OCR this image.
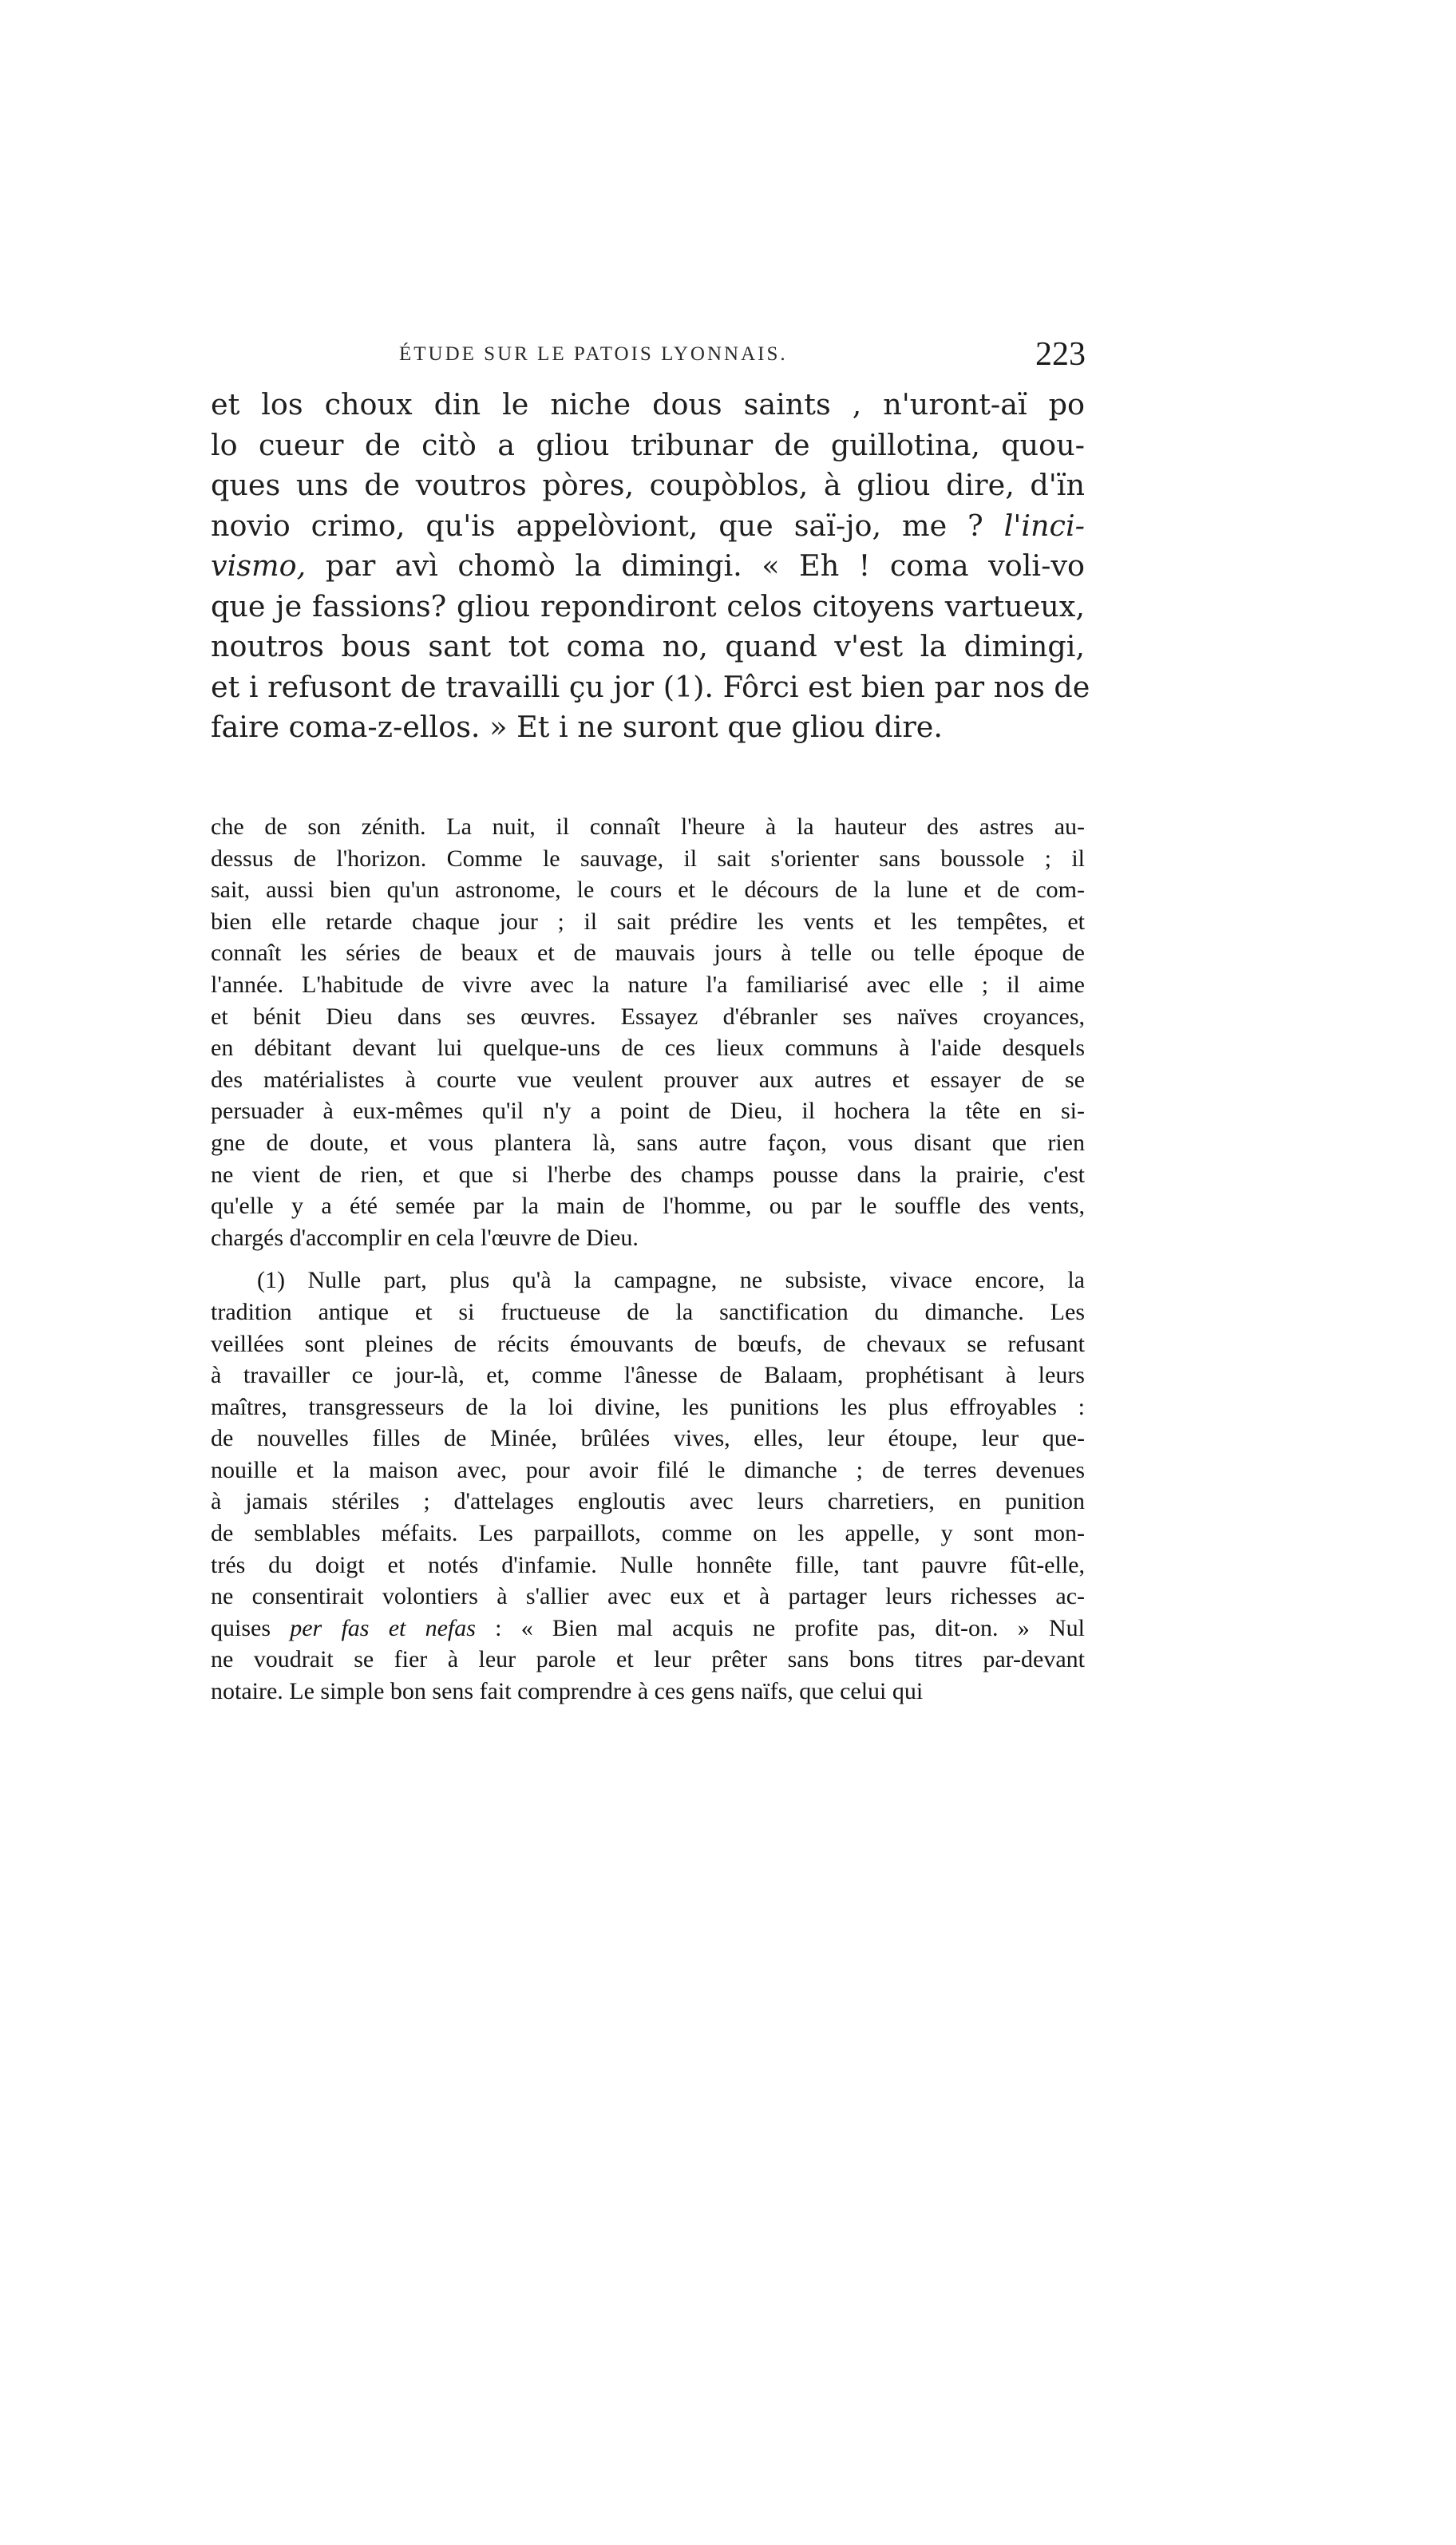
ÉTUDE SUR LE PATOIS LYONNAIS.	223
et los choux din le niche dous saints , n'uront-aï po
lo cueur de citò a gliou tribunar de guillotina, quou-
ques uns de voutros pòres, coupòblos, à gliou dire, d'ïn
novio crimo, qu'is appelòviont, que saï-jo, me ? l'inci-
vismo, par avì chomò la dimingi. « Eh ! coma voli-vo
que je fassions? gliou repondiront celos citoyens vartueux,
noutros bous sant tot coma no, quand v'est la dimingi,
et i refusont de travailli çu jor (1). Fôrci est bien par nos de
faire coma-z-ellos. » Et i ne suront que gliou dire.

che de son zénith. La nuit, il connaît l'heure à la hauteur des astres au-
dessus de l'horizon. Comme le sauvage, il sait s'orienter sans boussole ; il
sait, aussi bien qu'un astronome, le cours et le décours de la lune et de com-
bien elle retarde chaque jour ; il sait prédire les vents et les tempêtes, et
connaît les séries de beaux et de mauvais jours à telle ou telle époque de
l'année. L'habitude de vivre avec la nature l'a familiarisé avec elle ; il aime
et bénit Dieu dans ses œuvres. Essayez d'ébranler ses naïves croyances,
en débitant devant lui quelque-uns de ces lieux communs à l'aide desquels
des matérialistes à courte vue veulent prouver aux autres et essayer de se
persuader à eux-mêmes qu'il n'y a point de Dieu, il hochera la tête en si-
gne de doute, et vous plantera là, sans autre façon, vous disant que rien
ne vient de rien, et que si l'herbe des champs pousse dans la prairie, c'est
qu'elle y a été semée par la main de l'homme, ou par le souffle des vents,
chargés d'accomplir en cela l'œuvre de Dieu.

(1) Nulle part, plus qu'à la campagne, ne subsiste, vivace encore, la
tradition antique et si fructueuse de la sanctification du dimanche. Les
veillées sont pleines de récits émouvants de bœufs, de chevaux se refusant
à travailler ce jour-là, et, comme l'ânesse de Balaam, prophétisant à leurs
maîtres, transgresseurs de la loi divine, les punitions les plus effroyables :
de nouvelles filles de Minée, brûlées vives, elles, leur étoupe, leur que-
nouille et la maison avec, pour avoir filé le dimanche ; de terres devenues
à jamais stériles ; d'attelages engloutis avec leurs charretiers, en punition
de semblables méfaits. Les parpaillots, comme on les appelle, y sont mon-
trés du doigt et notés d'infamie. Nulle honnête fille, tant pauvre fût-elle,
ne consentirait volontiers à s'allier avec eux et à partager leurs richesses ac-
quises per fas et nefas : « Bien mal acquis ne profite pas, dit-on. » Nul
ne voudrait se fier à leur parole et leur prêter sans bons titres par-devant
notaire. Le simple bon sens fait comprendre à ces gens naïfs, que celui qui
